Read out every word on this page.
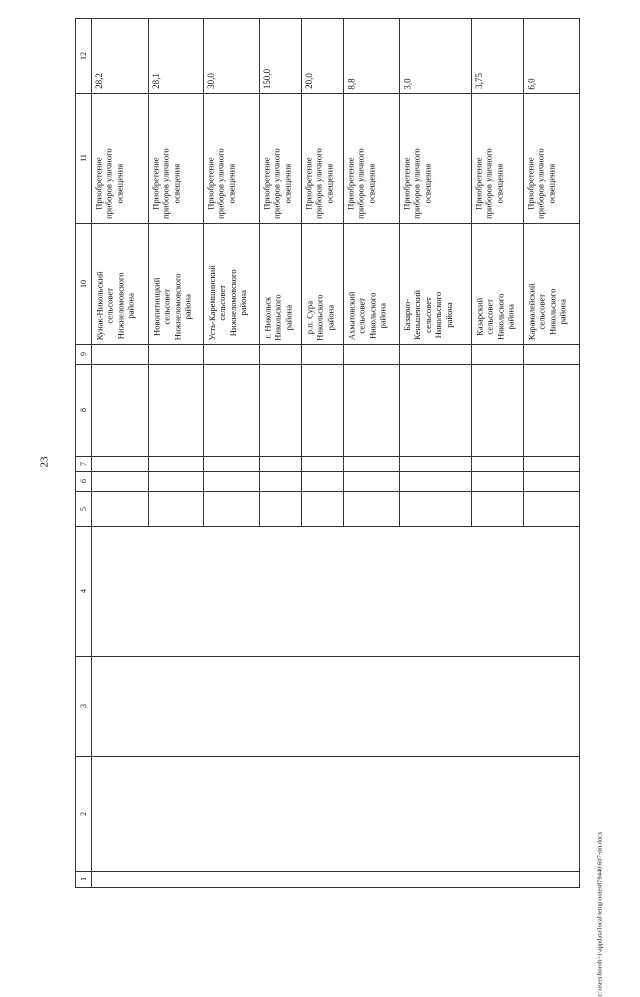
23
c:\users\boroh~1\appdata\local\temp\notes879440\607-пп.docx
1
2
3
4
5
6
7
8
9
10
11
12
Кунак-Никольский
сельсовет
Нижнеломовского
района
Приобретение
приборов уличного
освещения
28,2
Новопятницкий
сельсовет
Нижнеломовского
района
Приобретение
приборов уличного
освещения
28,1
Усть-Каремшинский
сельсовет
Нижнеломовского
района
Приобретение
приборов уличного
освещения
30,0
г. Никольск
Никольского
района
Приобретение
приборов уличного
освещения
150,0
р.п. Сура
Никольского
района
Приобретение
приборов уличного
освещения
20,0
Ахматовский
сельсовет
Никольского
района
Приобретение
приборов уличного
освещения
8,8
Базарно-
Кеньшенский
сельсовет
Никольского
района
Приобретение
приборов уличного
освещения
3,0
Казарский
сельсовет
Никольского
района
Приобретение
приборов уличного
освещения
3,75
Карамалейский
сельсовет
Никольского
района
Приобретение
приборов уличного
освещения
6,0
